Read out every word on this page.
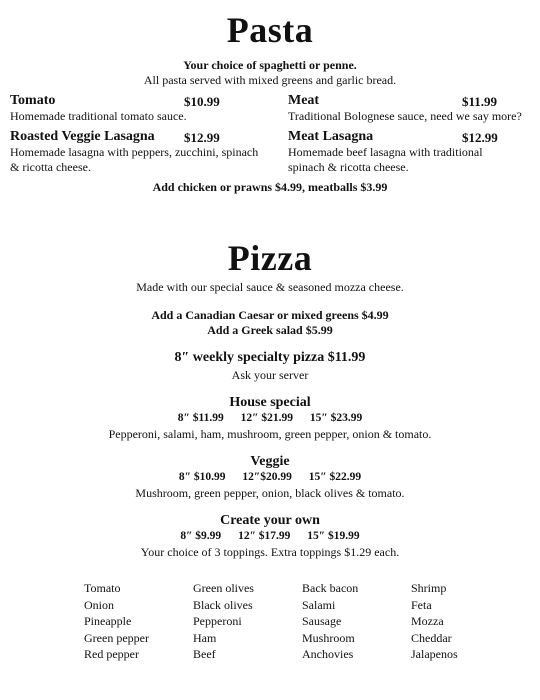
Pasta
Your choice of spaghetti or penne.
All pasta served with mixed greens and garlic bread.
Tomato	$10.99
Homemade traditional tomato sauce.
Meat	$11.99
Traditional Bolognese sauce, need we say more?
Roasted Veggie Lasagna $12.99
Homemade lasagna with peppers, zucchini, spinach & ricotta cheese.
Meat Lasagna	$12.99
Homemade beef lasagna with traditional spinach & ricotta cheese.
Add chicken or prawns $4.99, meatballs $3.99
Pizza
Made with our special sauce & seasoned mozza cheese.
Add a Canadian Caesar or mixed greens $4.99
Add a Greek salad $5.99
8″ weekly specialty pizza $11.99
Ask your server
House special
8″ $11.99 12″ $21.99 15″ $23.99
Pepperoni, salami, ham, mushroom, green pepper, onion & tomato.
Veggie
8″ $10.99 12″$20.99 15″ $22.99
Mushroom, green pepper, onion, black olives & tomato.
Create your own
8″ $9.99 12″ $17.99 15″ $19.99
Your choice of 3 toppings. Extra toppings $1.29 each.
Tomato
Onion
Pineapple
Green pepper
Red pepper
Green olives
Black olives
Pepperoni
Ham
Beef
Back bacon
Salami
Sausage
Mushroom
Anchovies
Shrimp
Feta
Mozza
Cheddar
Jalapenos
